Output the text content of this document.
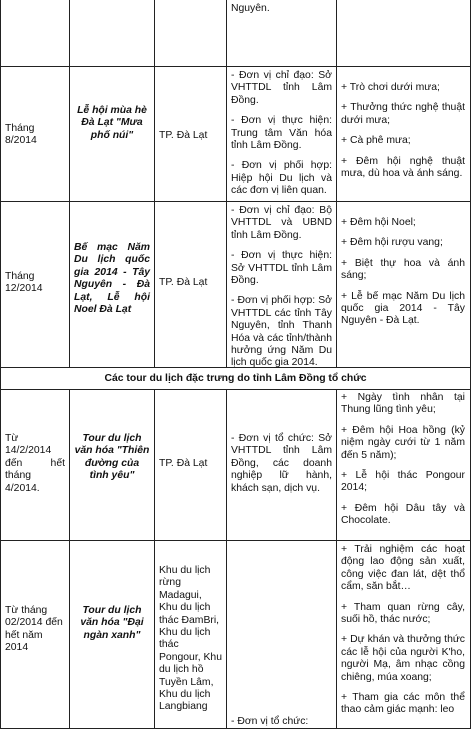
Nguyên.

Tháng 8/2014
Lễ hội mùa hè Đà Lạt "Mưa phố núi"	TP. Đà Lạt

- Đơn vị chỉ đạo: Sở VHTTDL tỉnh Lâm Đồng.

- Đơn vị thực hiện: Trung tâm Văn hóa tỉnh Lâm Đồng.

- Đơn vị phối hợp: Hiệp hội Du lịch và các đơn vị liên quan.

+ Trò chơi dưới mưa;

+ Thưởng thức nghệ thuật dưới mưa;

+ Cà phê mưa;

+ Đêm hội nghệ thuật mưa, dù hoa và ánh sáng.

Tháng 12/2014
Bế mạc Năm Du lịch quốc gia 2014 - Tây Nguyên - Đà Lạt, Lễ hội Noel Đà Lạt
TP. Đà Lạt

- Đơn vị chỉ đạo: Bộ VHTTDL và UBND tỉnh Lâm Đồng.

- Đơn vị thực hiện: Sở VHTTDL tỉnh Lâm Đồng.

- Đơn vị phối hợp: Sở VHTTDL các tỉnh Tây Nguyên, tỉnh Thanh Hóa và các tỉnh/thành hưởng ứng Năm Du lịch quốc gia 2014.

+ Đêm hội Noel;

+ Đêm hội rượu vang;

+ Biệt thự hoa và ánh sáng;

+ Lễ bế mạc Năm Du lịch quốc gia 2014 - Tây Nguyên - Đà Lạt.

Các tour du lịch đặc trưng do tỉnh Lâm Đồng tổ chức
Từ 14/2/2014 đến hết tháng 4/2014.
Tour du lịch văn hóa "Thiên đường của tình yêu"
TP. Đà Lạt

- Đơn vị tổ chức: Sở VHTTDL tỉnh Lâm Đồng, các doanh nghiệp lữ hành, khách sạn, dịch vụ.

+ Ngày tình nhân tại Thung lũng tình yêu;

+ Đêm hội Hoa hồng (kỷ niệm ngày cưới từ 1 năm đến 5 năm);

+ Lễ hội thác Pongour 2014;

+ Đêm hội Dâu tây và Chocolate.

Từ tháng 02/2014 đến hết năm 2014
Tour du lịch văn hóa "Đại ngàn xanh"
Khu du lịch rừng Madagui, Khu du lịch thác ĐamBri, Khu du lịch thác Pongour, Khu du lịch hồ Tuyền Lâm, Khu du lịch Langbiang

- Đơn vị tổ chức:

+ Trải nghiệm các hoạt động lao động sản xuất, công việc đan lát, dệt thổ cẩm, săn bắt…

+ Tham quan rừng cây, suối hồ, thác nước;

+ Dự khán và thưởng thức các lễ hội của người K'ho, người Mạ, âm nhạc cồng chiêng, múa xoang;

+ Tham gia các môn thể thao cảm giác mạnh: leo
